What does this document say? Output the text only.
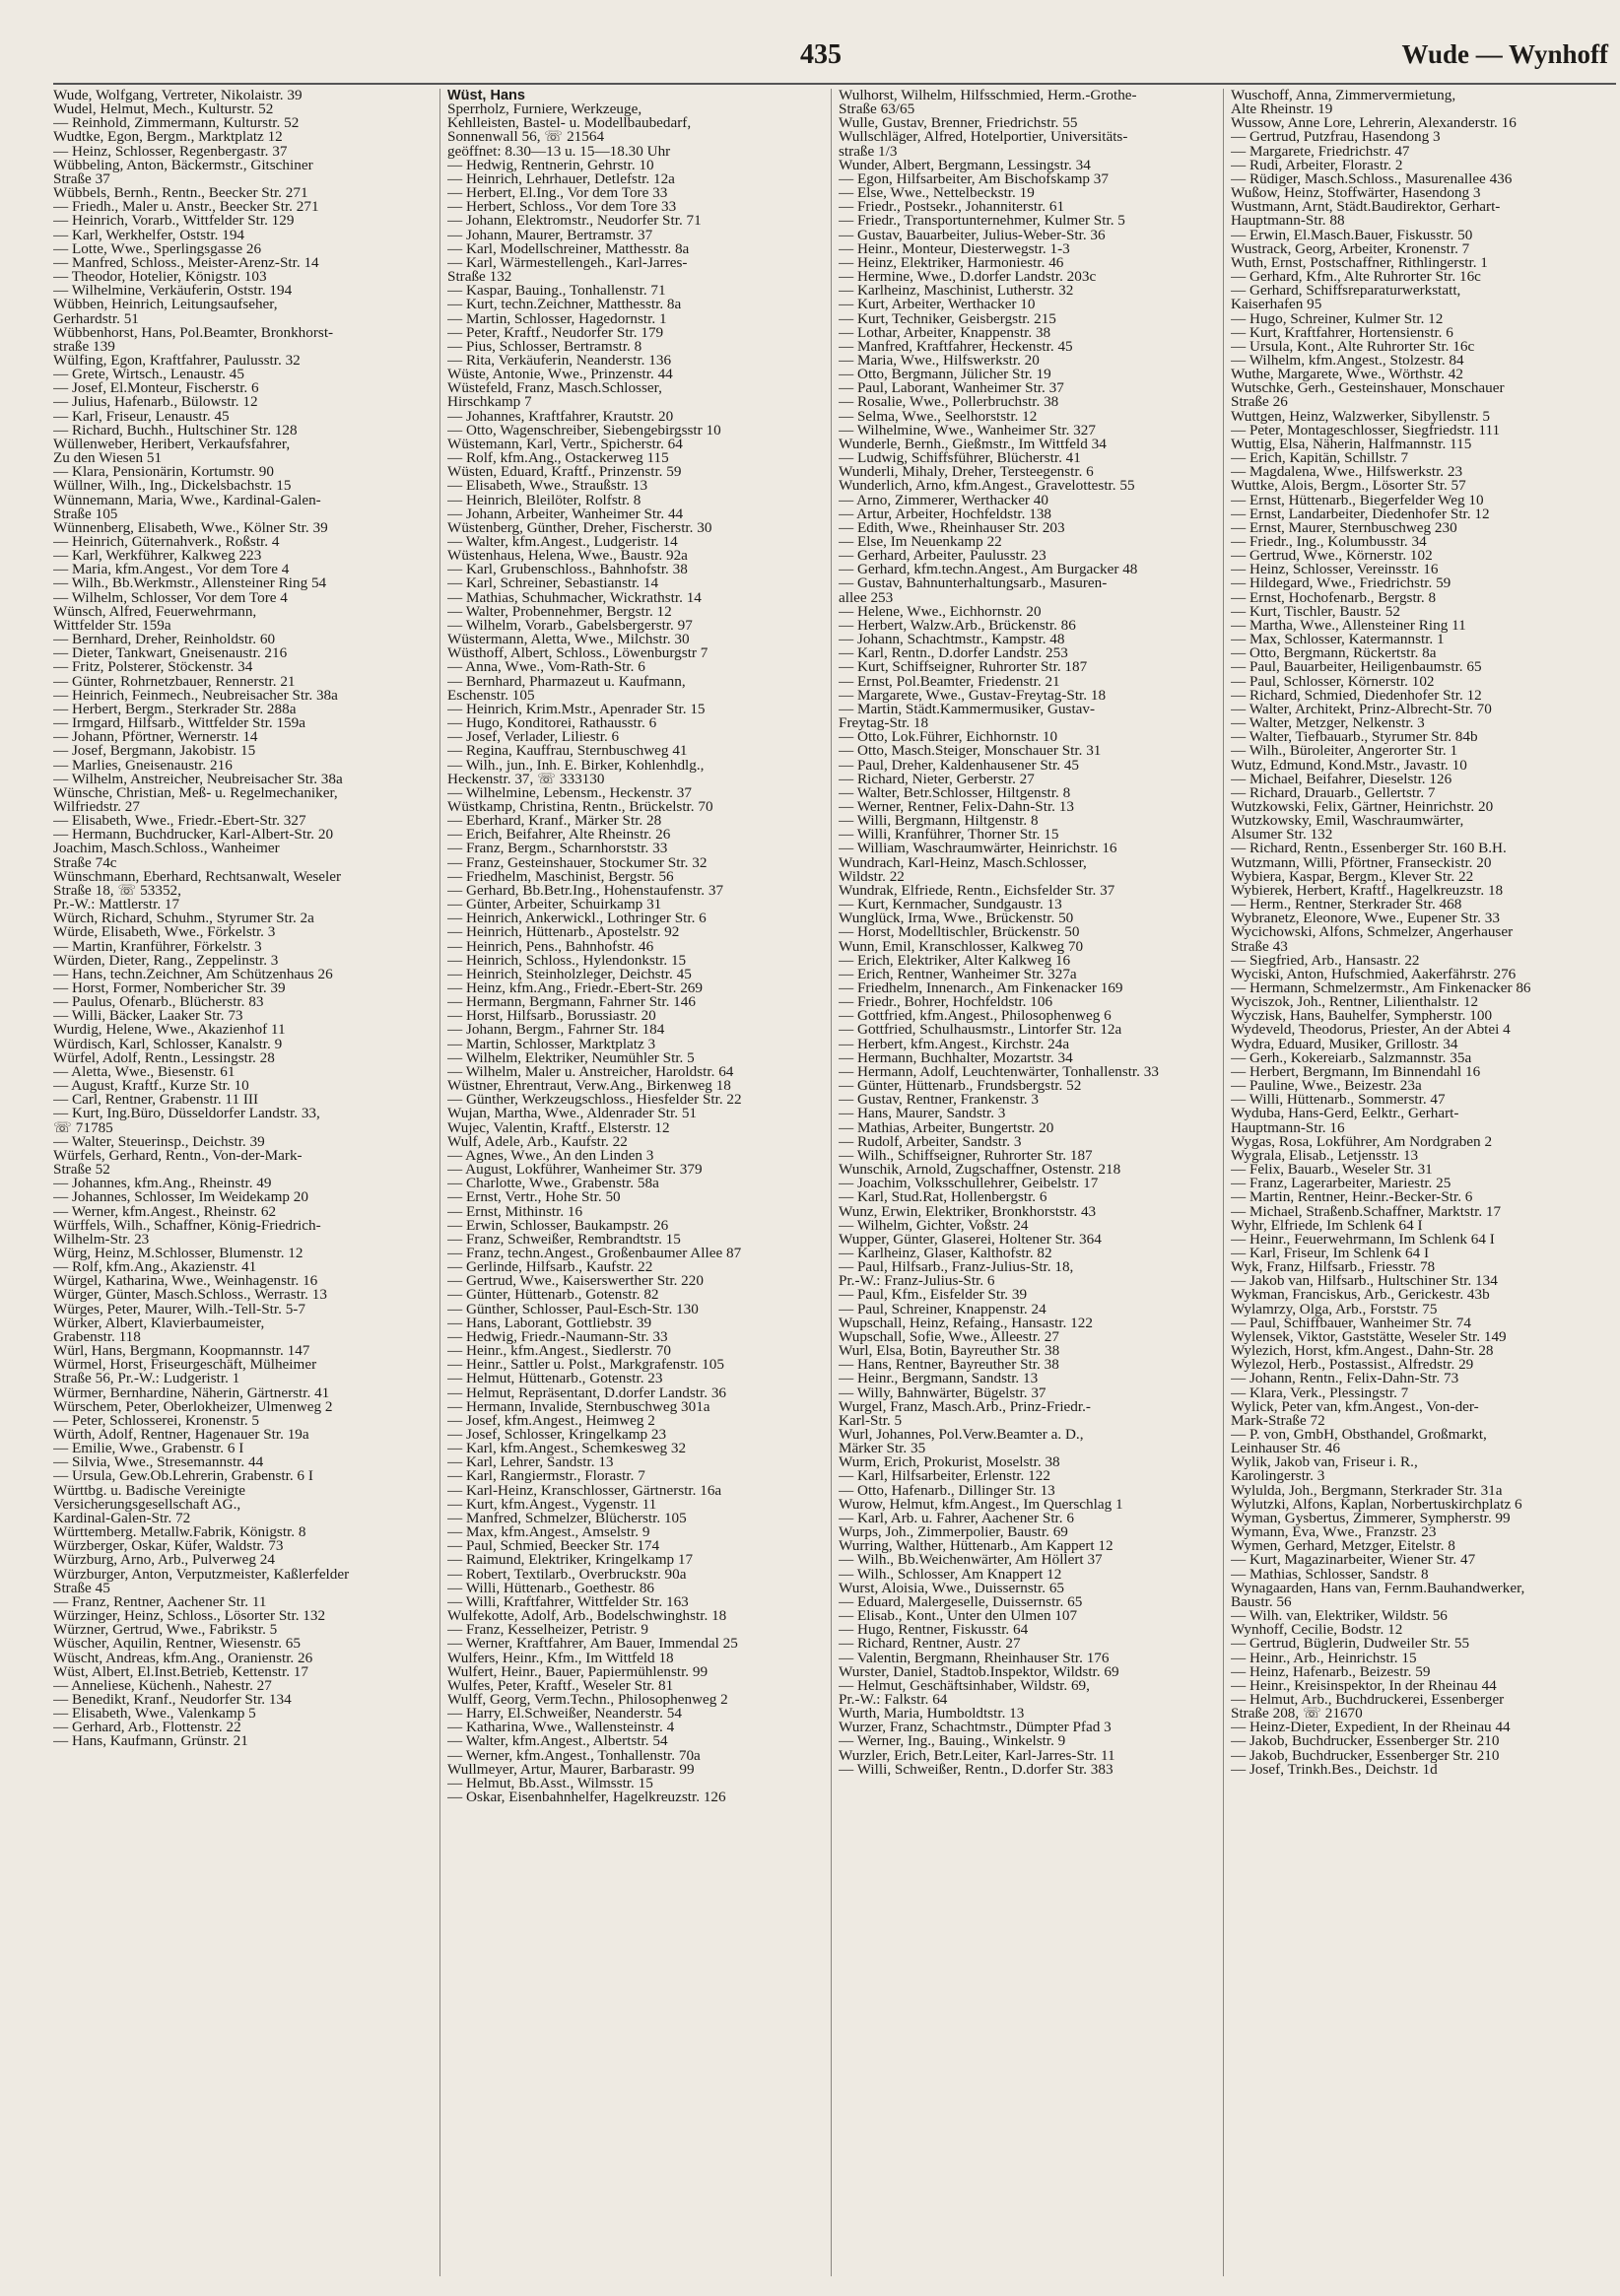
435	Wude — Wynhoff
Wude, Wolfgang, Vertreter, Nikolaistr. 39
Wudel, Helmut, Mech., Kulturstr. 52
— Reinhold, Zimmermann, Kulturstr. 52
Wudtke, Egon, Bergm., Marktplatz 12
— Heinz, Schlosser, Regenbergastr. 37
Wübbeling, Anton, Bäckermstr., Gitschiner
Straße 37
Wübbels, Bernh., Rentn., Beecker Str. 271
— Friedh., Maler u. Anstr., Beecker Str. 271
— Heinrich, Vorarb., Wittfelder Str. 129
— Karl, Werkhelfer, Oststr. 194
— Lotte, Wwe., Sperlingsgasse 26
— Manfred, Schloss., Meister-Arenz-Str. 14
— Theodor, Hotelier, Königstr. 103
— Wilhelmine, Verkäuferin, Oststr. 194
Wübben, Heinrich, Leitungsaufseher,
Gerhardstr. 51
Wübbenhorst, Hans, Pol.Beamter, Bronkhorst-
straße 139
Wülfing, Egon, Kraftfahrer, Paulusstr. 32
— Grete, Wirtsch., Lenaustr. 45
— Josef, El.Monteur, Fischerstr. 6
— Julius, Hafenarb., Bülowstr. 12
— Karl, Friseur, Lenaustr. 45
— Richard, Buchh., Hultschiner Str. 128
Wüllenweber, Heribert, Verkaufsfahrer,
Zu den Wiesen 51
— Klara, Pensionärin, Kortumstr. 90
Wüllner, Wilh., Ing., Dickelsbachstr. 15
Wünnemann, Maria, Wwe., Kardinal-Galen-
Straße 105
Wünnenberg, Elisabeth, Wwe., Kölner Str. 39
— Heinrich, Güternahverk., Roßstr. 4
— Karl, Werkführer, Kalkweg 223
— Maria, kfm.Angest., Vor dem Tore 4
— Wilh., Bb.Werkmstr., Allensteiner Ring 54
— Wilhelm, Schlosser, Vor dem Tore 4
Wünsch, Alfred, Feuerwehrmann,
Wittfelder Str. 159a
— Bernhard, Dreher, Reinholdstr. 60
— Dieter, Tankwart, Gneisenaustr. 216
— Fritz, Polsterer, Stöckenstr. 34
— Günter, Rohrnetzbauer, Rennerstr. 21
— Heinrich, Feinmech., Neubreisacher Str. 38a
— Herbert, Bergm., Sterkrader Str. 288a
— Irmgard, Hilfsarb., Wittfelder Str. 159a
— Johann, Pförtner, Wernerstr. 14
— Josef, Bergmann, Jakobistr. 15
— Marlies, Gneisenaustr. 216
— Wilhelm, Anstreicher, Neubreisacher Str. 38a
Wünsche, Christian, Meß- u. Regelmechaniker,
Wilfriedstr. 27
— Elisabeth, Wwe., Friedr.-Ebert-Str. 327
— Hermann, Buchdrucker, Karl-Albert-Str. 20
Joachim, Masch.Schloss., Wanheimer
Straße 74c
Wünschmann, Eberhard, Rechtsanwalt, Weseler
Straße 18, ☏ 53352,
Pr.-W.: Mattlerstr. 17
Würch, Richard, Schuhm., Styrumer Str. 2a
Würde, Elisabeth, Wwe., Förkelstr. 3
— Martin, Kranführer, Förkelstr. 3
Würden, Dieter, Rang., Zeppelinstr. 3
— Hans, techn.Zeichner, Am Schützenhaus 26
— Horst, Former, Nombericher Str. 39
— Paulus, Ofenarb., Blücherstr. 83
— Willi, Bäcker, Laaker Str. 73
Wurdig, Helene, Wwe., Akazienhof 11
Würdisch, Karl, Schlosser, Kanalstr. 9
Würfel, Adolf, Rentn., Lessingstr. 28
— Aletta, Wwe., Biesenstr. 61
— August, Kraftf., Kurze Str. 10
— Carl, Rentner, Grabenstr. 11 III
— Kurt, Ing.Büro, Düsseldorfer Landstr. 33,
☏ 71785
— Walter, Steuerinsp., Deichstr. 39
Würfels, Gerhard, Rentn., Von-der-Mark-
Straße 52
— Johannes, kfm.Ang., Rheinstr. 49
— Johannes, Schlosser, Im Weidekamp 20
— Werner, kfm.Angest., Rheinstr. 62
Würffels, Wilh., Schaffner, König-Friedrich-
Wilhelm-Str. 23
Würg, Heinz, M.Schlosser, Blumenstr. 12
— Rolf, kfm.Ang., Akazienstr. 41
Würgel, Katharina, Wwe., Weinhagenstr. 16
Würger, Günter, Masch.Schloss., Werrastr. 13
Würges, Peter, Maurer, Wilh.-Tell-Str. 5-7
Würker, Albert, Klavierbaumeister,
Grabenstr. 118
Würl, Hans, Bergmann, Koopmannstr. 147
Würmel, Horst, Friseurgeschäft, Mülheimer
Straße 56, Pr.-W.: Ludgeristr. 1
Würmer, Bernhardine, Näherin, Gärtnerstr. 41
Würschem, Peter, Oberlokheizer, Ulmenweg 2
— Peter, Schlosserei, Kronenstr. 5
Würth, Adolf, Rentner, Hagenauer Str. 19a
— Emilie, Wwe., Grabenstr. 6 I
— Silvia, Wwe., Stresemannstr. 44
— Ursula, Gew.Ob.Lehrerin, Grabenstr. 6 I
Württbg. u. Badische Vereinigte
Versicherungsgesellschaft AG.,
Kardinal-Galen-Str. 72
Württemberg. Metallw.Fabrik, Königstr. 8
Würzberger, Oskar, Küfer, Waldstr. 73
Würzburg, Arno, Arb., Pulverweg 24
Würzburger, Anton, Verputzmeister, Kaßlerfelder
Straße 45
— Franz, Rentner, Aachener Str. 11
Würzinger, Heinz, Schloss., Lösorter Str. 132
Würzner, Gertrud, Wwe., Fabrikstr. 5
Wüscher, Aquilin, Rentner, Wiesenstr. 65
Wüscht, Andreas, kfm.Ang., Oranienstr. 26
Wüst, Albert, El.Inst.Betrieb, Kettenstr. 17
— Anneliese, Küchenh., Nahestr. 27
— Benedikt, Kranf., Neudorfer Str. 134
— Elisabeth, Wwe., Valenkamp 5
— Gerhard, Arb., Flottenstr. 22
— Hans, Kaufmann, Grünstr. 21
Wüst, Hans
Sperrholz, Furniere, Werkzeuge,
Kehlleisten, Bastel- u. Modellbaubedarf,
Sonnenwall 56, ☏ 21564
geöffnet: 8.30—13 u. 15—18.30 Uhr
— Hedwig, Rentnerin, Gehrstr. 10
— Heinrich, Lehrhauer, Detlefstr. 12a
— Herbert, El.Ing., Vor dem Tore 33
— Herbert, Schloss., Vor dem Tore 33
— Johann, Elektromstr., Neudorfer Str. 71
— Johann, Maurer, Bertramstr. 37
— Karl, Modellschreiner, Matthesstr. 8a
— Karl, Wärmestellengeh., Karl-Jarres-
Straße 132
— Kaspar, Bauing., Tonhallenstr. 71
— Kurt, techn.Zeichner, Matthesstr. 8a
— Martin, Schlosser, Hagedornstr. 1
— Peter, Kraftf., Neudorfer Str. 179
— Pius, Schlosser, Bertramstr. 8
— Rita, Verkäuferin, Neanderstr. 136
Wüste, Antonie, Wwe., Prinzenstr. 44
Wüstefeld, Franz, Masch.Schlosser,
Hirschkamp 7
— Johannes, Kraftfahrer, Krautstr. 20
— Otto, Wagenschreiber, Siebengebirgsstr 10
Wüstemann, Karl, Vertr., Spicherstr. 64
— Rolf, kfm.Ang., Ostackerweg 115
Wüsten, Eduard, Kraftf., Prinzenstr. 59
— Elisabeth, Wwe., Straußstr. 13
— Heinrich, Bleilöter, Rolfstr. 8
— Johann, Arbeiter, Wanheimer Str. 44
Wüstenberg, Günther, Dreher, Fischerstr. 30
— Walter, kfm.Angest., Ludgeristr. 14
Wüstenhaus, Helena, Wwe., Baustr. 92a
— Karl, Grubenschloss., Bahnhofstr. 38
— Karl, Schreiner, Sebastianstr. 14
— Mathias, Schuhmacher, Wickrathstr. 14
— Walter, Probennehmer, Bergstr. 12
— Wilhelm, Vorarb., Gabelsbergerstr. 97
Wüstermann, Aletta, Wwe., Milchstr. 30
Wüsthoff, Albert, Schloss., Löwenburgstr 7
— Anna, Wwe., Vom-Rath-Str. 6
— Bernhard, Pharmazeut u. Kaufmann,
Eschenstr. 105
— Heinrich, Krim.Mstr., Apenrader Str. 15
— Hugo, Konditorei, Rathausstr. 6
— Josef, Verlader, Liliestr. 6
— Regina, Kauffrau, Sternbuschweg 41
— Wilh., jun., Inh. E. Birker, Kohlenhdlg.,
Heckenstr. 37, ☏ 333130
— Wilhelmine, Lebensm., Heckenstr. 37
Wüstkamp, Christina, Rentn., Brückelstr. 70
— Eberhard, Kranf., Märker Str. 28
— Erich, Beifahrer, Alte Rheinstr. 26
— Franz, Bergm., Scharnhorststr. 33
— Franz, Gesteinshauer, Stockumer Str. 32
— Friedhelm, Maschinist, Bergstr. 56
— Gerhard, Bb.Betr.Ing., Hohenstaufenstr. 37
— Günter, Arbeiter, Schuirkamp 31
— Heinrich, Ankerwickl., Lothringer Str. 6
— Heinrich, Hüttenarb., Apostelstr. 92
— Heinrich, Pens., Bahnhofstr. 46
— Heinrich, Schloss., Hylendonkstr. 15
— Heinrich, Steinholzleger, Deichstr. 45
— Heinz, kfm.Ang., Friedr.-Ebert-Str. 269
— Hermann, Bergmann, Fahrner Str. 146
— Horst, Hilfsarb., Borussiastr. 20
— Johann, Bergm., Fahrner Str. 184
— Martin, Schlosser, Marktplatz 3
— Wilhelm, Elektriker, Neumühler Str. 5
— Wilhelm, Maler u. Anstreicher, Haroldstr. 64
Wüstner, Ehrentraut, Verw.Ang., Birkenweg 18
— Günther, Werkzeugschloss., Hiesfelder Str. 22
Wujan, Martha, Wwe., Aldenrader Str. 51
Wujec, Valentin, Kraftf., Elsterstr. 12
Wulf, Adele, Arb., Kaufstr. 22
— Agnes, Wwe., An den Linden 3
— August, Lokführer, Wanheimer Str. 379
— Charlotte, Wwe., Grabenstr. 58a
— Ernst, Vertr., Hohe Str. 50
— Ernst, Mithinstr. 16
— Erwin, Schlosser, Baukampstr. 26
— Franz, Schweißer, Rembrandtstr. 15
— Franz, techn.Angest., Großenbaumer Allee 87
— Gerlinde, Hilfsarb., Kaufstr. 22
— Gertrud, Wwe., Kaiserswerther Str. 220
— Günter, Hüttenarb., Gotenstr. 82
— Günther, Schlosser, Paul-Esch-Str. 130
— Hans, Laborant, Gottliebstr. 39
— Hedwig, Friedr.-Naumann-Str. 33
— Heinr., kfm.Angest., Siedlerstr. 70
— Heinr., Sattler u. Polst., Markgrafenstr. 105
— Helmut, Hüttenarb., Gotenstr. 23
— Helmut, Repräsentant, D.dorfer Landstr. 36
— Hermann, Invalide, Sternbuschweg 301a
— Josef, kfm.Angest., Heimweg 2
— Josef, Schlosser, Kringelkamp 23
— Karl, kfm.Angest., Schemkesweg 32
— Karl, Lehrer, Sandstr. 13
— Karl, Rangiermstr., Florastr. 7
— Karl-Heinz, Kranschlosser, Gärtnerstr. 16a
— Kurt, kfm.Angest., Vygenstr. 11
— Manfred, Schmelzer, Blücherstr. 105
— Max, kfm.Angest., Amselstr. 9
— Paul, Schmied, Beecker Str. 174
— Raimund, Elektriker, Kringelkamp 17
— Robert, Textilarb., Overbruckstr. 90a
— Willi, Hüttenarb., Goethestr. 86
— Willi, Kraftfahrer, Wittfelder Str. 163
Wulfekotte, Adolf, Arb., Bodelschwinghstr. 18
— Franz, Kesselheizer, Petristr. 9
— Werner, Kraftfahrer, Am Bauer, Immendal 25
Wulfers, Heinr., Kfm., Im Wittfeld 18
Wulfert, Heinr., Bauer, Papiermühlenstr. 99
Wulfes, Peter, Kraftf., Weseler Str. 81
Wulff, Georg, Verm.Techn., Philosophenweg 2
— Harry, El.Schweißer, Neanderstr. 54
— Katharina, Wwe., Wallensteinstr. 4
— Walter, kfm.Angest., Albertstr. 54
— Werner, kfm.Angest., Tonhallenstr. 70a
Wullmeyer, Artur, Maurer, Barbarastr. 99
— Helmut, Bb.Asst., Wilmsstr. 15
— Oskar, Eisenbahnhelfer, Hagelkreuzstr. 126
Wulhorst, Wilhelm, Hilfsschmied, Herm.-Grothe-
Straße 63/65
Wulle, Gustav, Brenner, Friedrichstr. 55
Wullschläger, Alfred, Hotelportier, Universitäts-
straße 1/3
Wunder, Albert, Bergmann, Lessingstr. 34
— Egon, Hilfsarbeiter, Am Bischofskamp 37
— Else, Wwe., Nettelbeckstr. 19
— Friedr., Postsekr., Johanniterstr. 61
— Friedr., Transportunternehmer, Kulmer Str. 5
— Gustav, Bauarbeiter, Julius-Weber-Str. 36
— Heinr., Monteur, Diesterwegstr. 1-3
— Heinz, Elektriker, Harmoniestr. 46
— Hermine, Wwe., D.dorfer Landstr. 203c
— Karlheinz, Maschinist, Lutherstr. 32
— Kurt, Arbeiter, Werthacker 10
— Kurt, Techniker, Geisbergstr. 215
— Lothar, Arbeiter, Knappenstr. 38
— Manfred, Kraftfahrer, Heckenstr. 45
— Maria, Wwe., Hilfswerkstr. 20
— Otto, Bergmann, Jülicher Str. 19
— Paul, Laborant, Wanheimer Str. 37
— Rosalie, Wwe., Pollerbruchstr. 38
— Selma, Wwe., Seelhorststr. 12
— Wilhelmine, Wwe., Wanheimer Str. 327
Wunderle, Bernh., Gießmstr., Im Wittfeld 34
— Ludwig, Schiffsführer, Blücherstr. 41
Wunderli, Mihaly, Dreher, Tersteegenstr. 6
Wunderlich, Arno, kfm.Angest., Gravelottestr. 55
— Arno, Zimmerer, Werthacker 40
— Artur, Arbeiter, Hochfeldstr. 138
— Edith, Wwe., Rheinhauser Str. 203
— Else, Im Neuenkamp 22
— Gerhard, Arbeiter, Paulusstr. 23
— Gerhard, kfm.techn.Angest., Am Burgacker 48
— Gustav, Bahnunterhaltungsarb., Masuren-
allee 253
— Helene, Wwe., Eichhornstr. 20
— Herbert, Walzw.Arb., Brückenstr. 86
— Johann, Schachtmstr., Kampstr. 48
— Karl, Rentn., D.dorfer Landstr. 253
— Kurt, Schiffseigner, Ruhrorter Str. 187
— Ernst, Pol.Beamter, Friedenstr. 21
— Margarete, Wwe., Gustav-Freytag-Str. 18
— Martin, Städt.Kammermusiker, Gustav-
Freytag-Str. 18
— Otto, Lok.Führer, Eichhornstr. 10
— Otto, Masch.Steiger, Monschauer Str. 31
— Paul, Dreher, Kaldenhausener Str. 45
— Richard, Nieter, Gerberstr. 27
— Walter, Betr.Schlosser, Hiltgenstr. 8
— Werner, Rentner, Felix-Dahn-Str. 13
— Willi, Bergmann, Hiltgenstr. 8
— Willi, Kranführer, Thorner Str. 15
— William, Waschraumwärter, Heinrichstr. 16
Wundrach, Karl-Heinz, Masch.Schlosser,
Wildstr. 22
Wundrak, Elfriede, Rentn., Eichsfelder Str. 37
— Kurt, Kernmacher, Sundgaustr. 13
Wunglück, Irma, Wwe., Brückenstr. 50
— Horst, Modelltischler, Brückenstr. 50
Wunn, Emil, Kranschlosser, Kalkweg 70
— Erich, Elektriker, Alter Kalkweg 16
— Erich, Rentner, Wanheimer Str. 327a
— Friedhelm, Innenarch., Am Finkenacker 169
— Friedr., Bohrer, Hochfeldstr. 106
— Gottfried, kfm.Angest., Philosophenweg 6
— Gottfried, Schulhausmstr., Lintorfer Str. 12a
— Herbert, kfm.Angest., Kirchstr. 24a
— Hermann, Buchhalter, Mozartstr. 34
— Hermann, Adolf, Leuchtenwärter, Tonhallenstr. 33
— Günter, Hüttenarb., Frundsbergstr. 52
— Gustav, Rentner, Frankenstr. 3
— Hans, Maurer, Sandstr. 3
— Mathias, Arbeiter, Bungertstr. 20
— Rudolf, Arbeiter, Sandstr. 3
— Wilh., Schiffseigner, Ruhrorter Str. 187
Wunschik, Arnold, Zugschaffner, Ostenstr. 218
— Joachim, Volksschullehrer, Geibelstr. 17
— Karl, Stud.Rat, Hollenbergstr. 6
Wunz, Erwin, Elektriker, Bronkhorststr. 43
— Wilhelm, Gichter, Voßstr. 24
Wupper, Günter, Glaserei, Holtener Str. 364
— Karlheinz, Glaser, Kalthofstr. 82
— Paul, Hilfsarb., Franz-Julius-Str. 18,
Pr.-W.: Franz-Julius-Str. 6
— Paul, Kfm., Eisfelder Str. 39
— Paul, Schreiner, Knappenstr. 24
Wupschall, Heinz, Refaing., Hansastr. 122
Wupschall, Sofie, Wwe., Alleestr. 27
Wurl, Elsa, Botin, Bayreuther Str. 38
— Hans, Rentner, Bayreuther Str. 38
— Heinr., Bergmann, Sandstr. 13
— Willy, Bahnwärter, Bügelstr. 37
Wurgel, Franz, Masch.Arb., Prinz-Friedr.-
Karl-Str. 5
Wurl, Johannes, Pol.Verw.Beamter a. D.,
Märker Str. 35
Wurm, Erich, Prokurist, Moselstr. 38
— Karl, Hilfsarbeiter, Erlenstr. 122
— Otto, Hafenarb., Dillinger Str. 13
Wurow, Helmut, kfm.Angest., Im Querschlag 1
— Karl, Arb. u. Fahrer, Aachener Str. 6
Wurps, Joh., Zimmerpolier, Baustr. 69
Wurring, Walther, Hüttenarb., Am Kappert 12
— Wilh., Bb.Weichenwärter, Am Höllert 37
— Wilh., Schlosser, Am Knappert 12
Wurst, Aloisia, Wwe., Duissernstr. 65
— Eduard, Malergeselle, Duissernstr. 65
— Elisab., Kont., Unter den Ulmen 107
— Hugo, Rentner, Fiskusstr. 64
— Richard, Rentner, Austr. 27
— Valentin, Bergmann, Rheinhauser Str. 176
Wurster, Daniel, Stadtob.Inspektor, Wildstr. 69
— Helmut, Geschäftsinhaber, Wildstr. 69,
Pr.-W.: Falkstr. 64
Wurth, Maria, Humboldtstr. 13
Wurzer, Franz, Schachtmstr., Dümpter Pfad 3
— Werner, Ing., Bauing., Winkelstr. 9
Wurzler, Erich, Betr.Leiter, Karl-Jarres-Str. 11
— Willi, Schweißer, Rentn., D.dorfer Str. 383
Wuschoff, Anna, Zimmervermietung,
Alte Rheinstr. 19
Wussow, Anne Lore, Lehrerin, Alexanderstr. 16
— Gertrud, Putzfrau, Hasendong 3
— Margarete, Friedrichstr. 47
— Rudi, Arbeiter, Florastr. 2
— Rüdiger, Masch.Schloss., Masurenallee 436
Wußow, Heinz, Stoffwärter, Hasendong 3
Wustmann, Arnt, Städt.Baudirektor, Gerhart-
Hauptmann-Str. 88
— Erwin, El.Masch.Bauer, Fiskusstr. 50
Wustrack, Georg, Arbeiter, Kronenstr. 7
Wuth, Ernst, Postschaffner, Rithlingerstr. 1
— Gerhard, Kfm., Alte Ruhrorter Str. 16c
— Gerhard, Schiffsreparaturwerkstatt,
Kaiserhafen 95
— Hugo, Schreiner, Kulmer Str. 12
— Kurt, Kraftfahrer, Hortensienstr. 6
— Ursula, Kont., Alte Ruhrorter Str. 16c
— Wilhelm, kfm.Angest., Stolzestr. 84
Wuthe, Margarete, Wwe., Wörthstr. 42
Wutschke, Gerh., Gesteinshauer, Monschauer
Straße 26
Wuttgen, Heinz, Walzwerker, Sibyllenstr. 5
— Peter, Montageschlosser, Siegfriedstr. 111
Wuttig, Elsa, Näherin, Halfmannstr. 115
— Erich, Kapitän, Schillstr. 7
— Magdalena, Wwe., Hilfswerkstr. 23
Wuttke, Alois, Bergm., Lösorter Str. 57
— Ernst, Hüttenarb., Biegerfelder Weg 10
— Ernst, Landarbeiter, Diedenhofer Str. 12
— Ernst, Maurer, Sternbuschweg 230
— Friedr., Ing., Kolumbusstr. 34
— Gertrud, Wwe., Körnerstr. 102
— Heinz, Schlosser, Vereinsstr. 16
— Hildegard, Wwe., Friedrichstr. 59
— Ernst, Hochofenarb., Bergstr. 8
— Kurt, Tischler, Baustr. 52
— Martha, Wwe., Allensteiner Ring 11
— Max, Schlosser, Katermannstr. 1
— Otto, Bergmann, Rückertstr. 8a
— Paul, Bauarbeiter, Heiligenbaumstr. 65
— Paul, Schlosser, Körnerstr. 102
— Richard, Schmied, Diedenhofer Str. 12
— Walter, Architekt, Prinz-Albrecht-Str. 70
— Walter, Metzger, Nelkenstr. 3
— Walter, Tiefbauarb., Styrumer Str. 84b
— Wilh., Büroleiter, Angerorter Str. 1
Wutz, Edmund, Kond.Mstr., Javastr. 10
— Michael, Beifahrer, Dieselstr. 126
— Richard, Drauarb., Gellertstr. 7
Wutzkowski, Felix, Gärtner, Heinrichstr. 20
Wutzkowsky, Emil, Waschraumwärter,
Alsumer Str. 132
— Richard, Rentn., Essenberger Str. 160 B.H.
Wutzmann, Willi, Pförtner, Franseckistr. 20
Wybiera, Kaspar, Bergm., Klever Str. 22
Wybierek, Herbert, Kraftf., Hagelkreuzstr. 18
— Herm., Rentner, Sterkrader Str. 468
Wybranetz, Eleonore, Wwe., Eupener Str. 33
Wycichowski, Alfons, Schmelzer, Angerhauser
Straße 43
— Siegfried, Arb., Hansastr. 22
Wyciski, Anton, Hufschmied, Aakerfährstr. 276
— Hermann, Schmelzermstr., Am Finkenacker 86
Wyciszok, Joh., Rentner, Lilienthalstr. 12
Wyczisk, Hans, Bauhelfer, Sympherstr. 100
Wydeveld, Theodorus, Priester, An der Abtei 4
Wydra, Eduard, Musiker, Grillostr. 34
— Gerh., Kokereiarb., Salzmannstr. 35a
— Herbert, Bergmann, Im Binnendahl 16
— Pauline, Wwe., Beizestr. 23a
— Willi, Hüttenarb., Sommerstr. 47
Wyduba, Hans-Gerd, Eelktr., Gerhart-
Hauptmann-Str. 16
Wygas, Rosa, Lokführer, Am Nordgraben 2
Wygrala, Elisab., Letjensstr. 13
— Felix, Bauarb., Weseler Str. 31
— Franz, Lagerarbeiter, Mariestr. 25
— Martin, Rentner, Heinr.-Becker-Str. 6
— Michael, Straßenb.Schaffner, Marktstr. 17
Wyhr, Elfriede, Im Schlenk 64 I
— Heinr., Feuerwehrmann, Im Schlenk 64 I
— Karl, Friseur, Im Schlenk 64 I
Wyk, Franz, Hilfsarb., Friesstr. 78
— Jakob van, Hilfsarb., Hultschiner Str. 134
Wykman, Franciskus, Arb., Gerickestr. 43b
Wylamrzy, Olga, Arb., Forststr. 75
— Paul, Schiffbauer, Wanheimer Str. 74
Wylensek, Viktor, Gaststätte, Weseler Str. 149
Wylezich, Horst, kfm.Angest., Dahn-Str. 28
Wylezol, Herb., Postassist., Alfredstr. 29
— Johann, Rentn., Felix-Dahn-Str. 73
— Klara, Verk., Plessingstr. 7
Wylick, Peter van, kfm.Angest., Von-der-
Mark-Straße 72
— P. von, GmbH, Obsthandel, Großmarkt,
Leinhauser Str. 46
Wylik, Jakob van, Friseur i. R.,
Karolingerstr. 3
Wylulda, Joh., Bergmann, Sterkrader Str. 31a
Wylutzki, Alfons, Kaplan, Norbertuskirchplatz 6
Wyman, Gysbertus, Zimmerer, Sympherstr. 99
Wymann, Eva, Wwe., Franzstr. 23
Wymen, Gerhard, Metzger, Eitelstr. 8
— Kurt, Magazinarbeiter, Wiener Str. 47
— Mathias, Schlosser, Sandstr. 8
Wynagaarden, Hans van, Fernm.Bauhandwerker,
Baustr. 56
— Wilh. van, Elektriker, Wildstr. 56
Wynhoff, Cecilie, Bodstr. 12
— Gertrud, Büglerin, Dudweiler Str. 55
— Heinr., Arb., Heinrichstr. 15
— Heinz, Hafenarb., Beizestr. 59
— Heinr., Kreisinspektor, In der Rheinau 44
— Helmut, Arb., Buchdruckerei, Essenberger
Straße 208, ☏ 21670
— Heinz-Dieter, Expedient, In der Rheinau 44
— Jakob, Buchdrucker, Essenberger Str. 210
— Jakob, Buchdrucker, Essenberger Str. 210
— Josef, Trinkh.Bes., Deichstr. 1d
